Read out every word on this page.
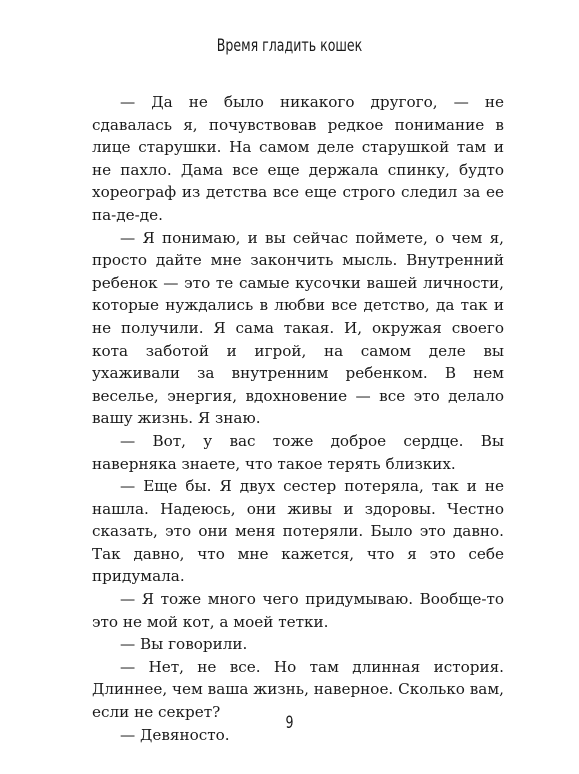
Время гладить кошек

— Да не было никакого другого, — не сдавалась я, почувствовав редкое понимание в лице старушки. На самом деле старушкой там и не пахло. Дама все еще держала спинку, будто хореограф из детства все еще строго следил за ее па-де-де.

— Я понимаю, и вы сейчас поймете, о чем я, просто дайте мне закончить мысль. Внутренний ребенок — это те самые кусочки вашей личности, которые нуждались в любви все детство, да так и не получили. Я сама такая. И, окружая своего кота заботой и игрой, на самом деле вы ухаживали за внутренним ребенком. В нем веселье, энергия, вдохновение — все это делало вашу жизнь. Я знаю.

— Вот, у вас тоже доброе сердце. Вы наверняка знаете, что такое терять близких.

— Еще бы. Я двух сестер потеряла, так и не нашла. Надеюсь, они живы и здоровы. Честно сказать, это они меня потеряли. Было это давно. Так давно, что мне кажется, что я это себе придумала.

— Я тоже много чего придумываю. Вообще-то это не мой кот, а моей тетки.

— Вы говорили.

— Нет, не все. Но там длинная история. Длиннее, чем ваша жизнь, наверное. Сколько вам, если не секрет?

— Девяносто.

9
